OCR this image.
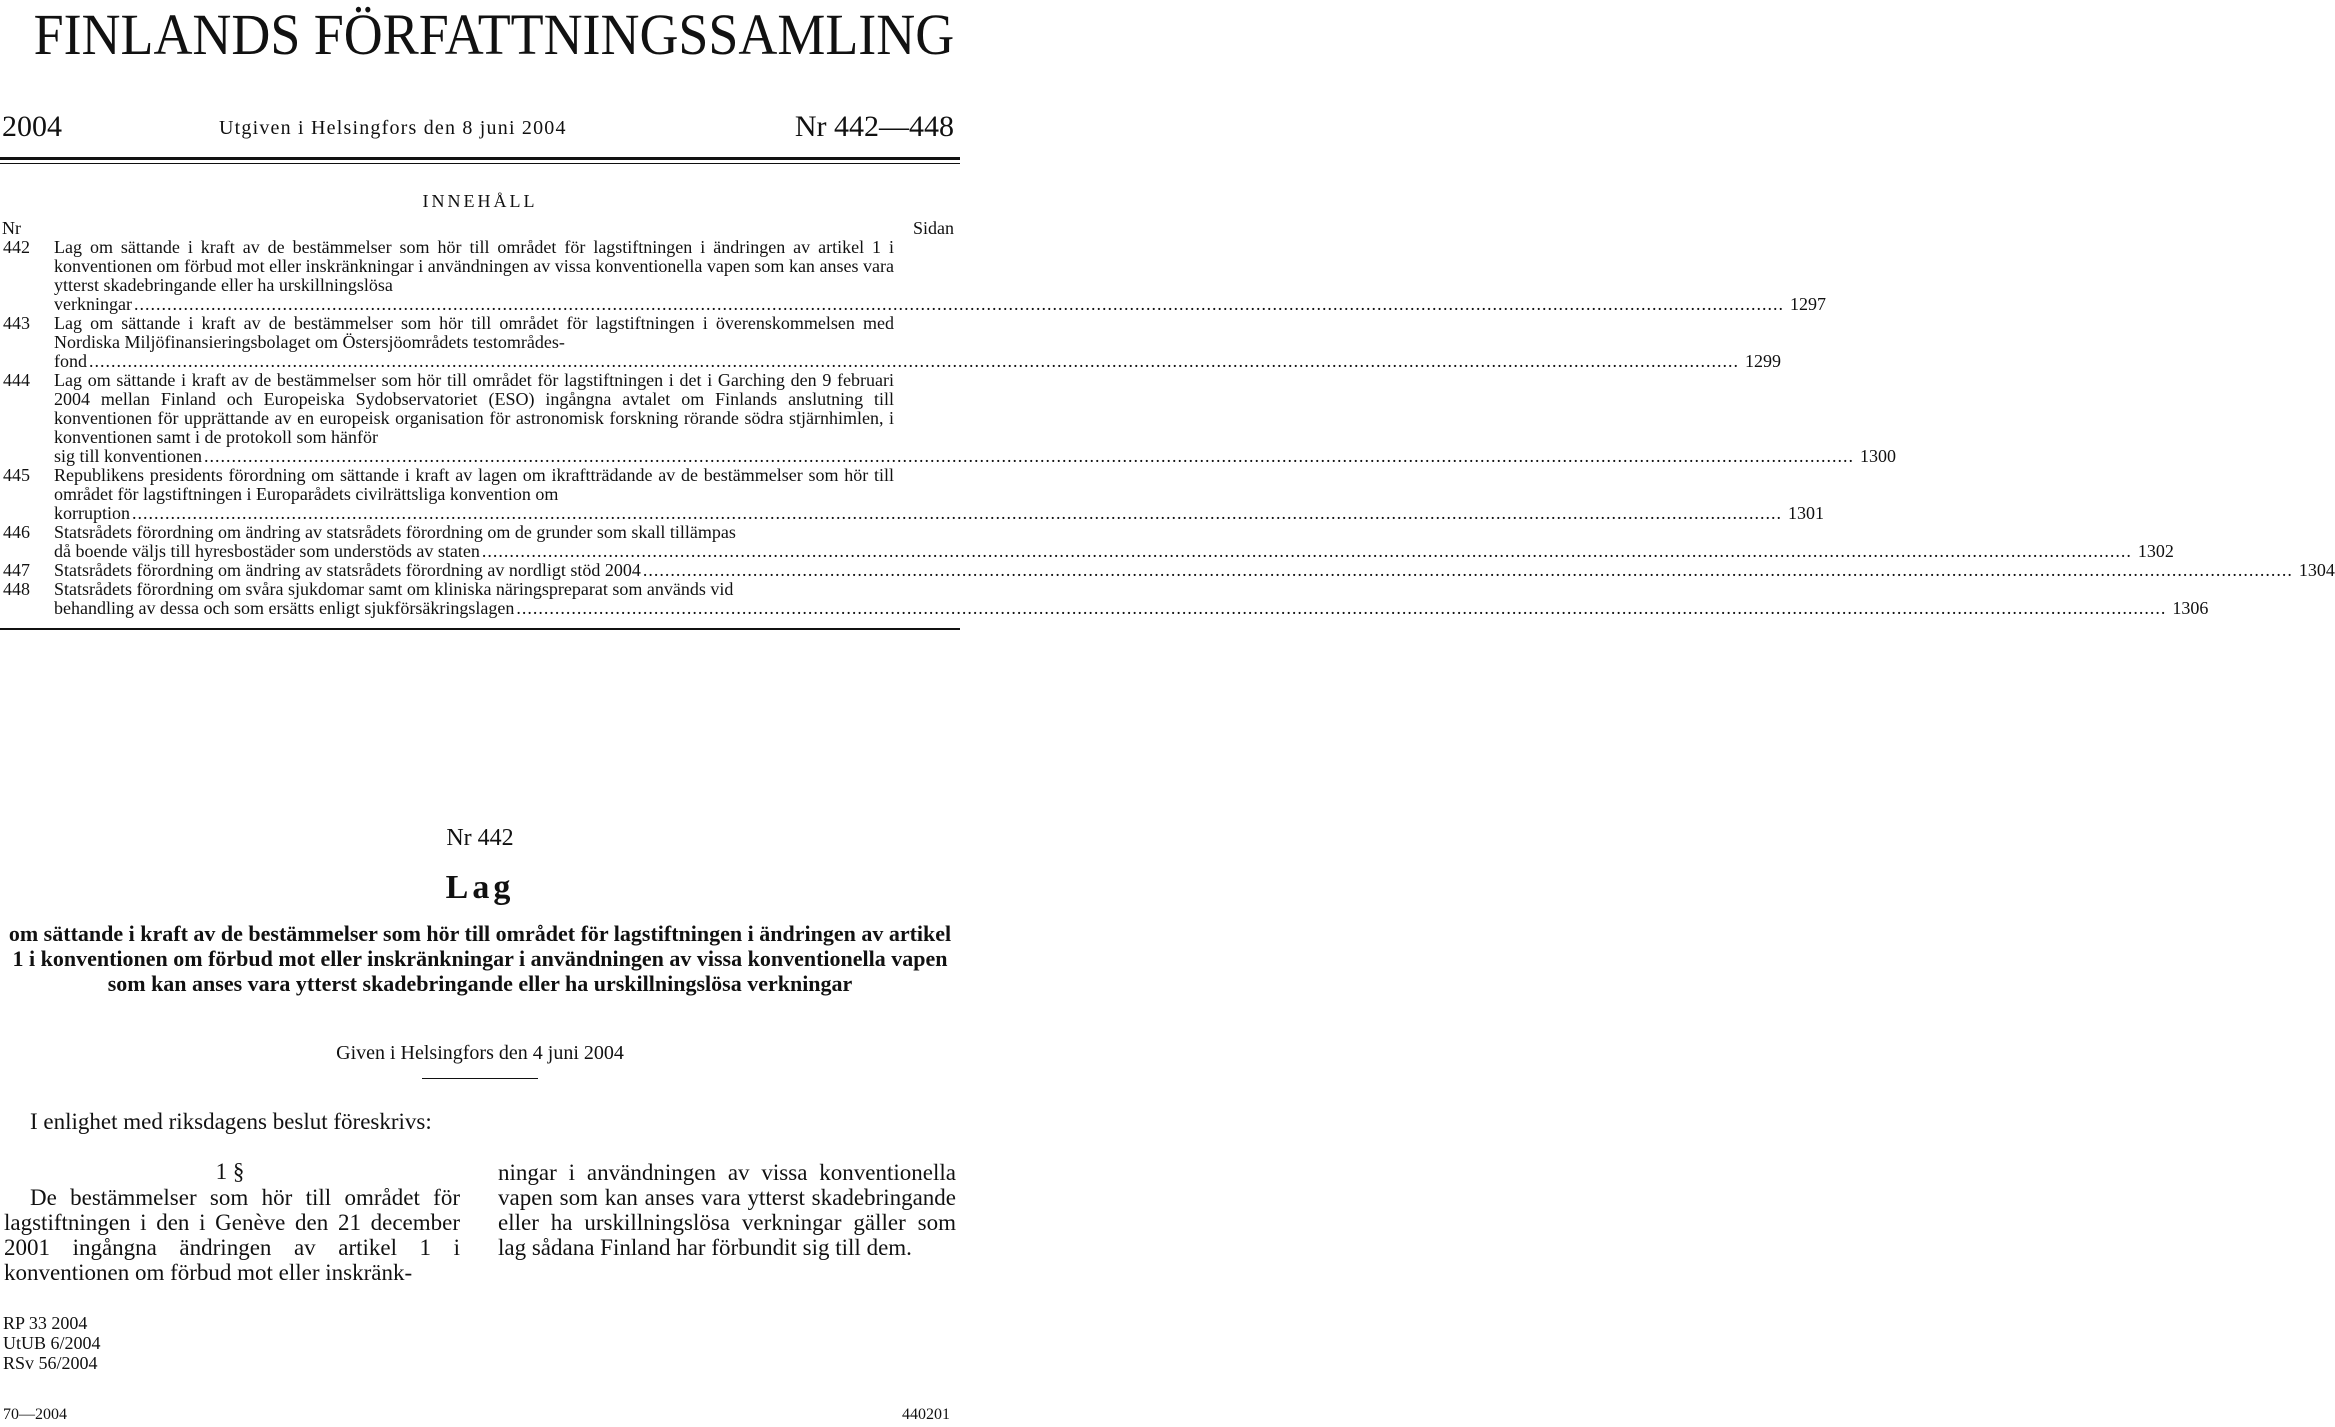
FINLANDS FÖRFATTNINGSSAMLING
2004	Utgiven i Helsingfors den 8 juni 2004	Nr 442—448
INNEHÅLL
Nr	Sidan
442 Lag om sättande i kraft av de bestämmelser som hör till området för lagstiftningen i ändringen av artikel 1 i konventionen om förbud mot eller inskränkningar i användningen av vissa konventionella vapen som kan anses vara ytterst skadebringande eller ha urskillningslösa
verkningar ............................................................................................................................................................................................................................................................................................................ 1297
443 Lag om sättande i kraft av de bestämmelser som hör till området för lagstiftningen i överenskommelsen med Nordiska Miljöfinansieringsbolaget om Östersjöområdets testområdes-
fond ............................................................................................................................................................................................................................................................................................................ 1299
444 Lag om sättande i kraft av de bestämmelser som hör till området för lagstiftningen i det i Garching den 9 februari 2004 mellan Finland och Europeiska Sydobservatoriet (ESO) ingångna avtalet om Finlands anslutning till konventionen för upprättande av en europeisk organisation för astronomisk forskning rörande södra stjärnhimlen, i konventionen samt i de protokoll som hänför
sig till konventionen ............................................................................................................................................................................................................................................................................................................ 1300
445 Republikens presidents förordning om sättande i kraft av lagen om ikraftträdande av de bestämmelser som hör till området för lagstiftningen i Europarådets civilrättsliga konvention om
korruption ............................................................................................................................................................................................................................................................................................................ 1301
446 Statsrådets förordning om ändring av statsrådets förordning om de grunder som skall tillämpas
då boende väljs till hyresbostäder som understöds av staten ............................................................................................................................................................................................................................................................................................................ 1302
447 Statsrådets förordning om ändring av statsrådets förordning av nordligt stöd 2004 ............................................................................................................................................................................................................................................................................................................ 1304
448 Statsrådets förordning om svåra sjukdomar samt om kliniska näringspreparat som används vid
behandling av dessa och som ersätts enligt sjukförsäkringslagen ............................................................................................................................................................................................................................................................................................................ 1306
Nr 442
Lag
om sättande i kraft av de bestämmelser som hör till området för lagstiftningen i ändringen av artikel 1 i konventionen om förbud mot eller inskränkningar i användningen av vissa konventionella vapen som kan anses vara ytterst skadebringande eller ha urskillningslösa verkningar
Given i Helsingfors den 4 juni 2004
I enlighet med riksdagens beslut föreskrivs:
1 §

De bestämmelser som hör till området för lagstiftningen i den i Genève den 21 december 2001 ingångna ändringen av artikel 1 i konventionen om förbud mot eller inskränk-

ningar i användningen av vissa konventionella vapen som kan anses vara ytterst skadebringande eller ha urskillningslösa verkningar gäller som lag sådana Finland har förbundit sig till dem.

RP 33 2004
UtUB 6/2004
RSv 56/2004
70—2004	440201
